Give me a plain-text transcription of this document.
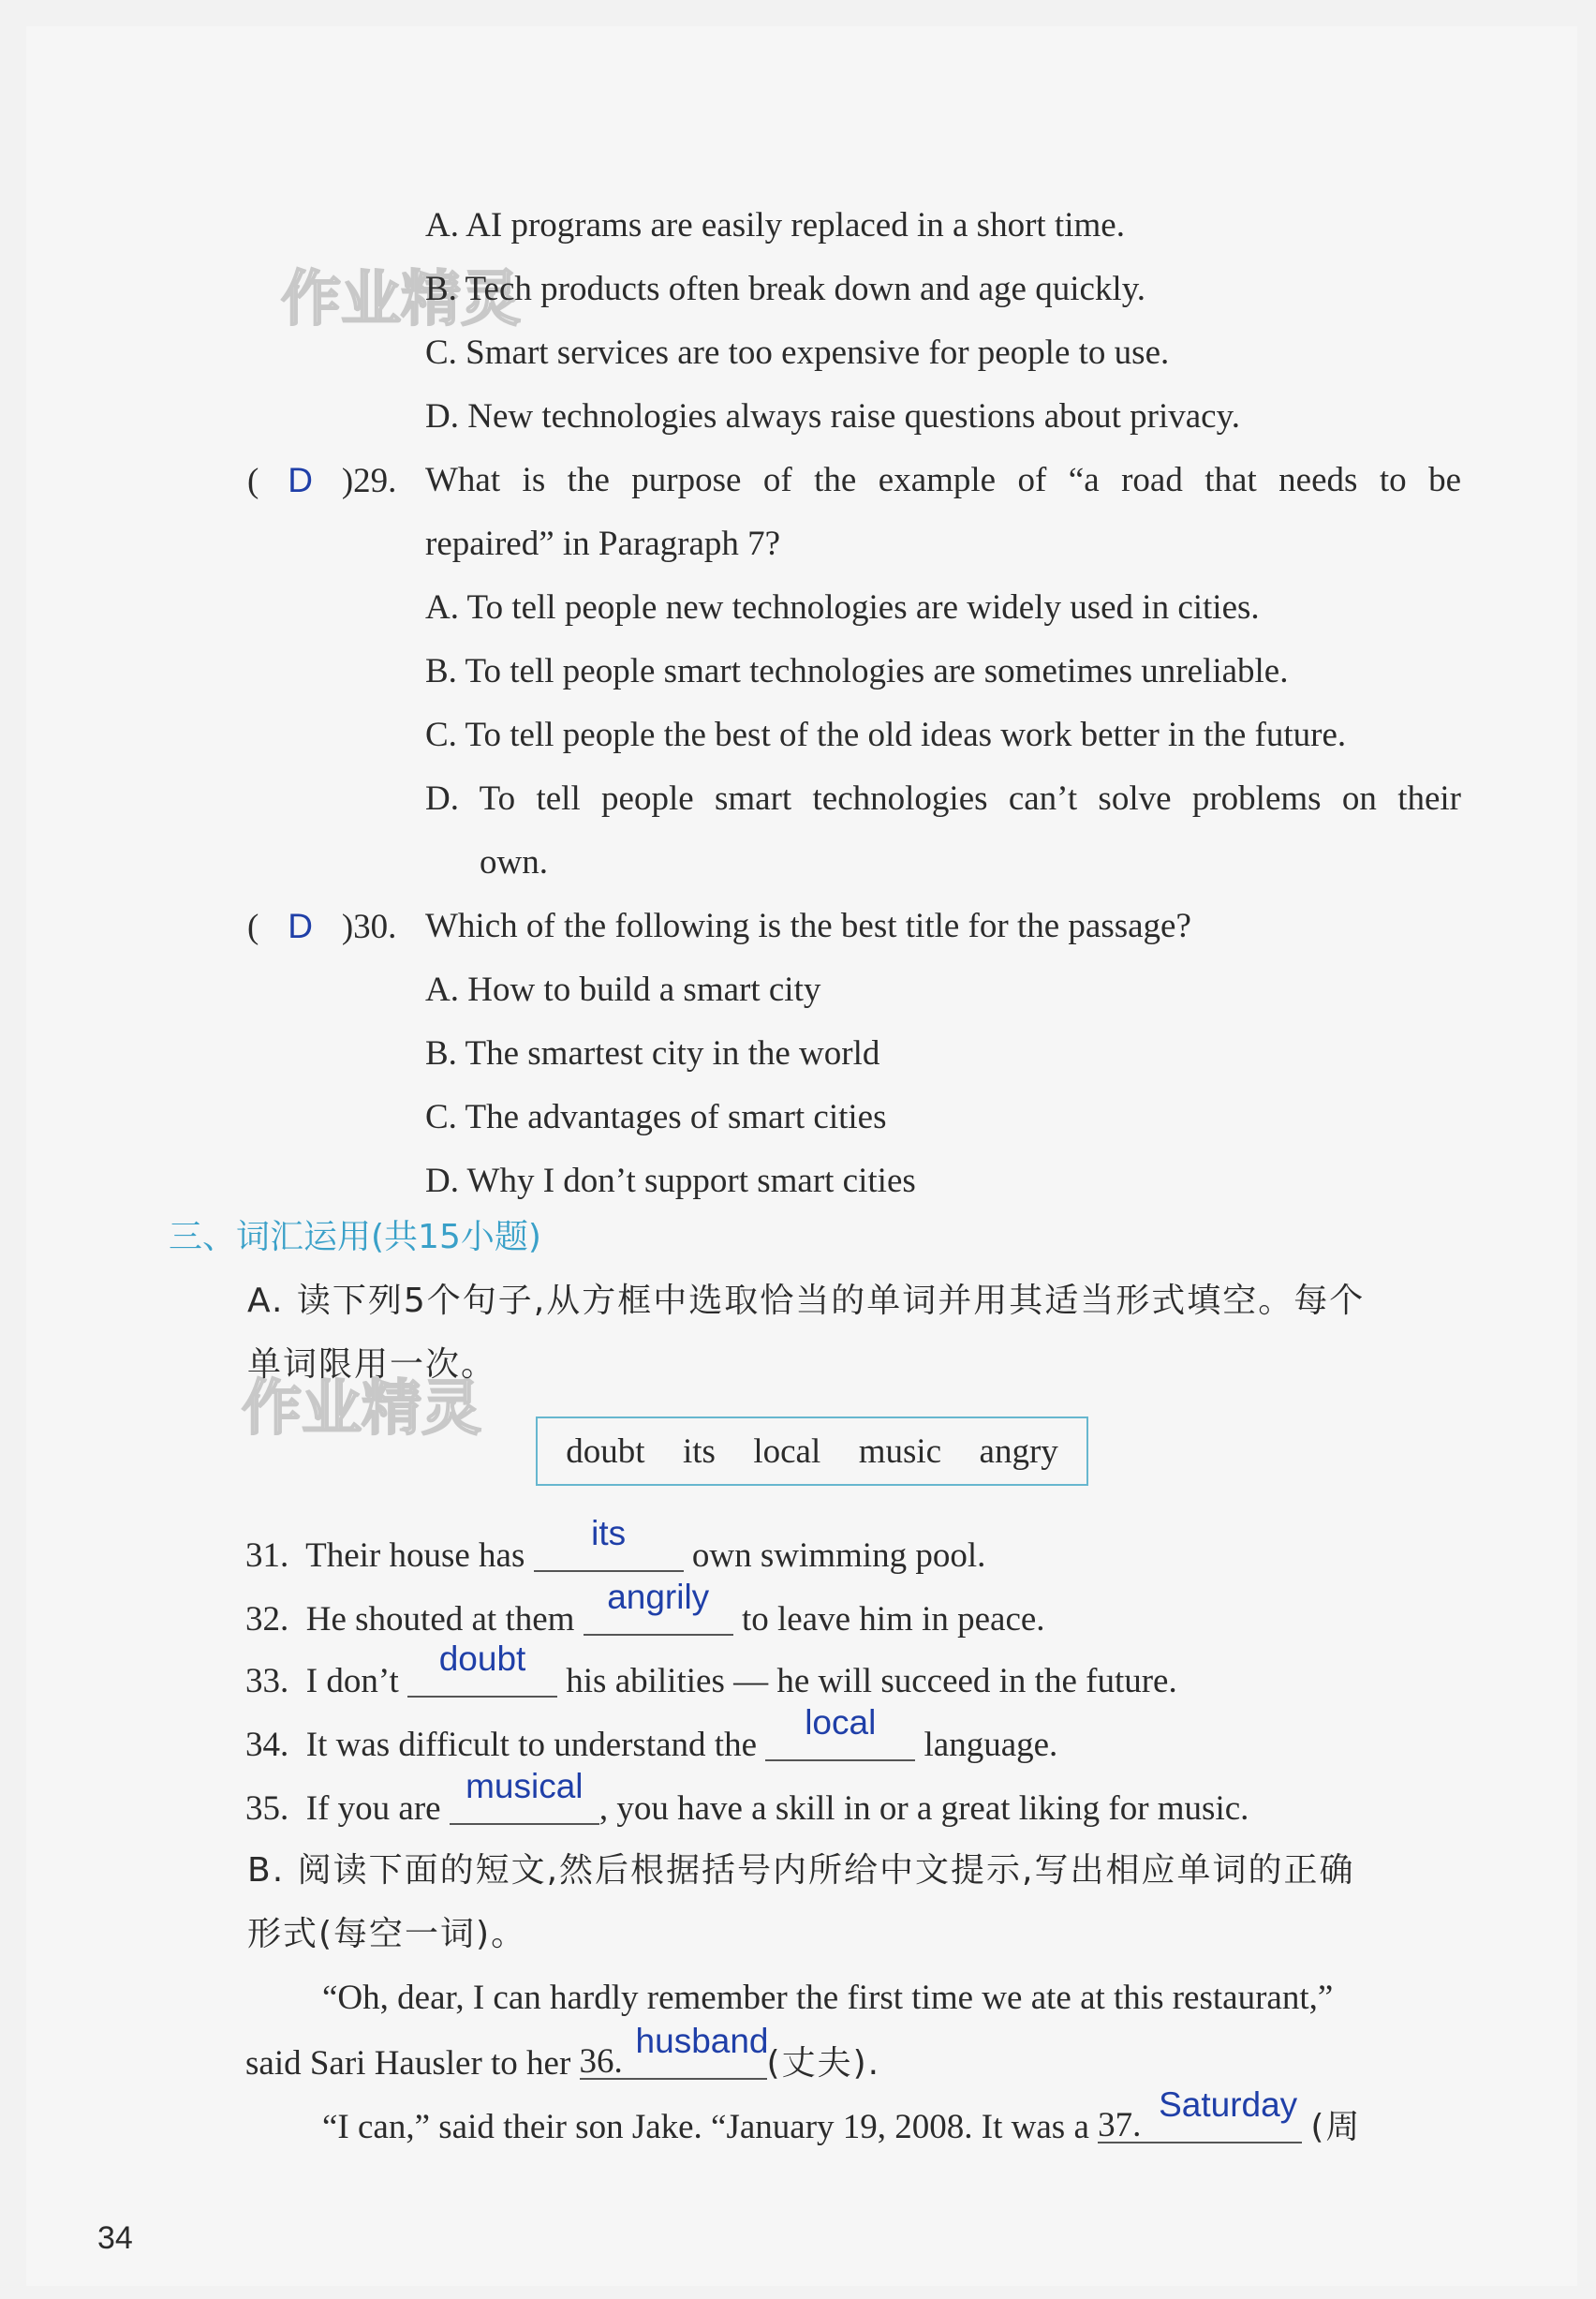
作业精灵
作业精灵
A. AI programs are easily replaced in a short time.
B. Tech products often break down and age quickly.
C. Smart services are too expensive for people to use.
D. New technologies always raise questions about privacy.
( D )29. What is the purpose of the example of “a road that needs to be
repaired” in Paragraph 7?
A. To tell people new technologies are widely used in cities.
B. To tell people smart technologies are sometimes unreliable.
C. To tell people the best of the old ideas work better in the future.
D. To tell people smart technologies can’t solve problems on their
own.
( D )30. Which of the following is the best title for the passage?
A. How to build a smart city
B. The smartest city in the world
C. The advantages of smart cities
D. Why I don’t support smart cities
三、词汇运用(共15小题)
A. 读下列5个句子,从方框中选取恰当的单词并用其适当形式填空。每个
单词限用一次。
doubt its local music angry
31. Their house has
its
own swimming pool.
32. He shouted at them
angrily
to leave him in peace.
33. I don’t
doubt
his abilities — he will succeed in the future.
34. It was difficult to understand the
local
language.
35. If you are
musical
, you have a skill in or a great liking for music.
B. 阅读下面的短文,然后根据括号内所给中文提示,写出相应单词的正确
形式(每空一词)。
“Oh, dear, I can hardly remember the first time we ate at this restaurant,”
said Sari Hausler to her 36.
husband
(丈夫).
“I can,” said their son Jake. “January 19, 2008. It was a 37.
Saturday
(周
34
